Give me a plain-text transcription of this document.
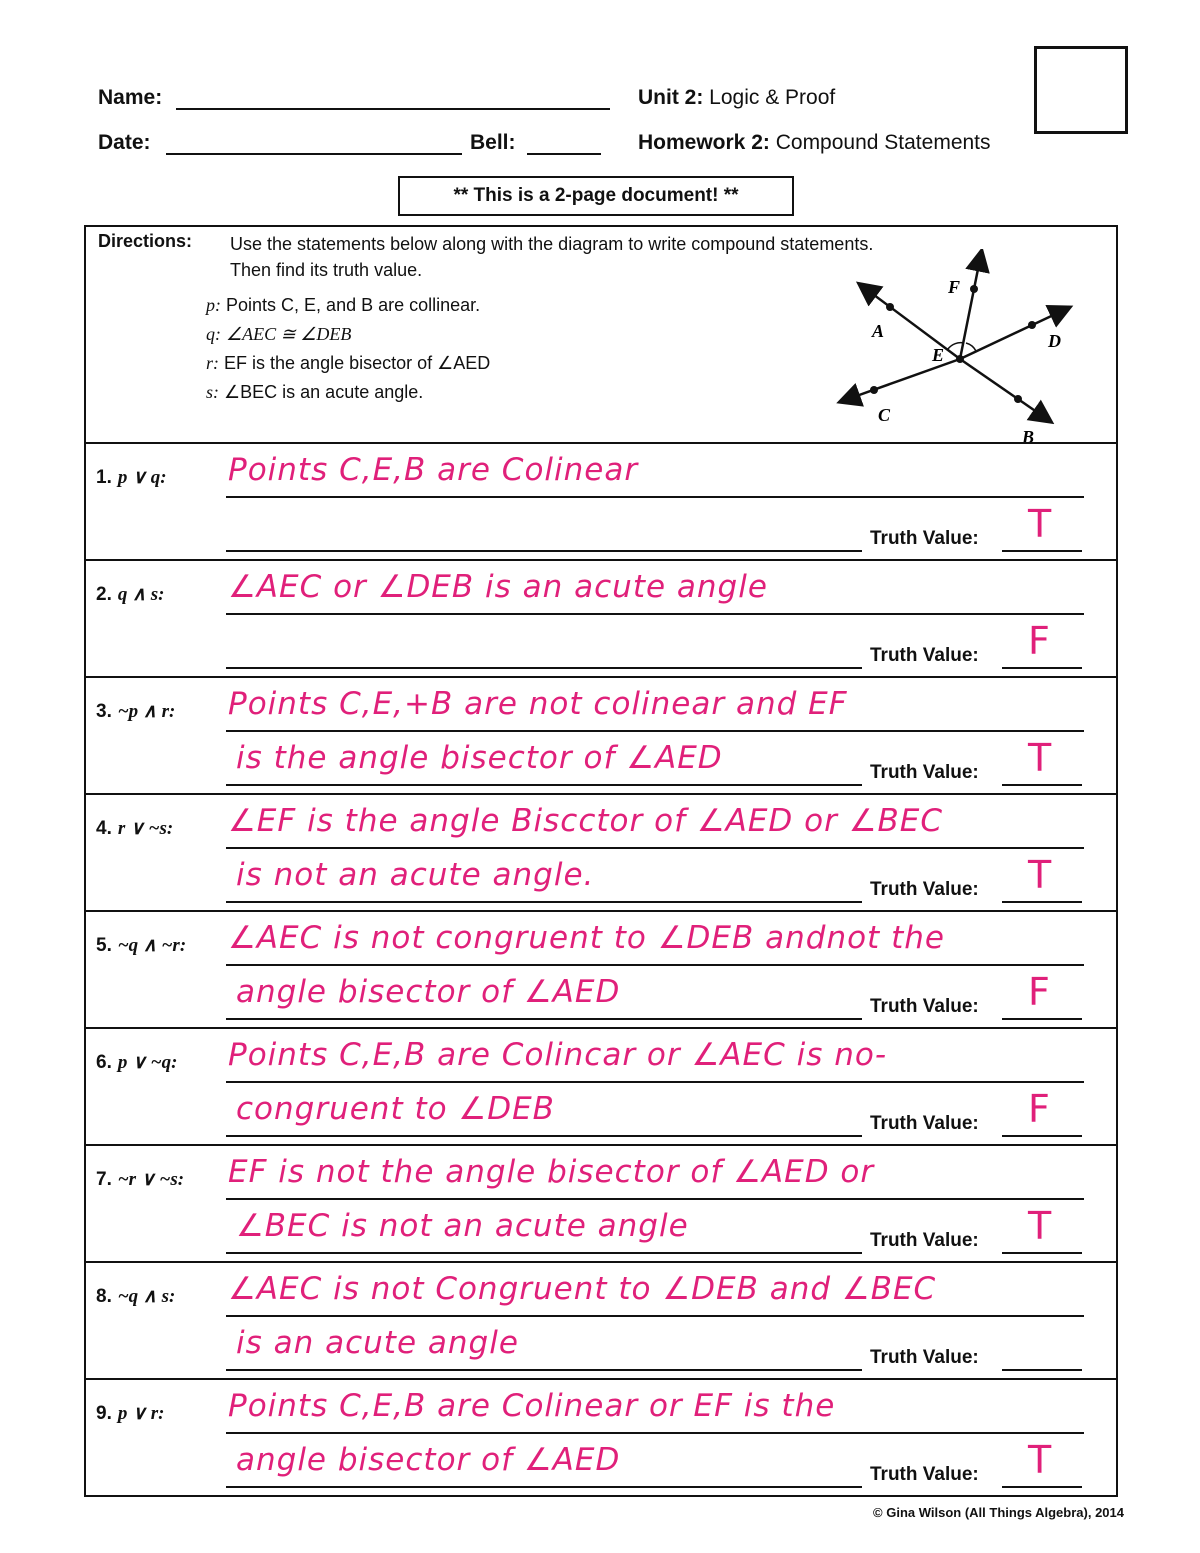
Name:
Date:	Bell:
Unit 2: Logic & Proof
Homework 2: Compound Statements
** This is a 2-page document! **
Directions: Use the statements below along with the diagram to write compound statements.
Then find its truth value.
p: Points C, E, and B are collinear.
q: ∠AEC ≅ ∠DEB
r: EF is the angle bisector of ∠AED
s: ∠BEC is an acute angle.
A
B
C
D
E
F
1. p ∨ q: Points C,E,B are Colinear
Truth Value: T
2. q ∧ s: ∠AEC or ∠DEB is an acute angle
Truth Value: F
3. ~p ∧ r: Points C,E,+B are not colinear and EF
is the angle bisector of ∠AED	Truth Value: T
4. r ∨ ~s: ∠EF is the angle Biscctor of ∠AED or ∠BEC
is not an acute angle.	Truth Value: T
5. ~q ∧ ~r: ∠AEC is not congruent to ∠DEB andnot the
angle bisector of ∠AED	Truth Value: F
6. p ∨ ~q: Points C,E,B are Colincar or ∠AEC is no-
congruent to ∠DEB	Truth Value: F
7. ~r ∨ ~s: EF is not the angle bisector of ∠AED or
∠BEC is not an acute angle	Truth Value: T
8. ~q ∧ s: ∠AEC is not Congruent to ∠DEB and ∠BEC
is an acute angle	Truth Value:
9. p ∨ r: Points C,E,B are Colinear or EF is the
angle bisector of ∠AED	Truth Value: T
© Gina Wilson (All Things Algebra), 2014
